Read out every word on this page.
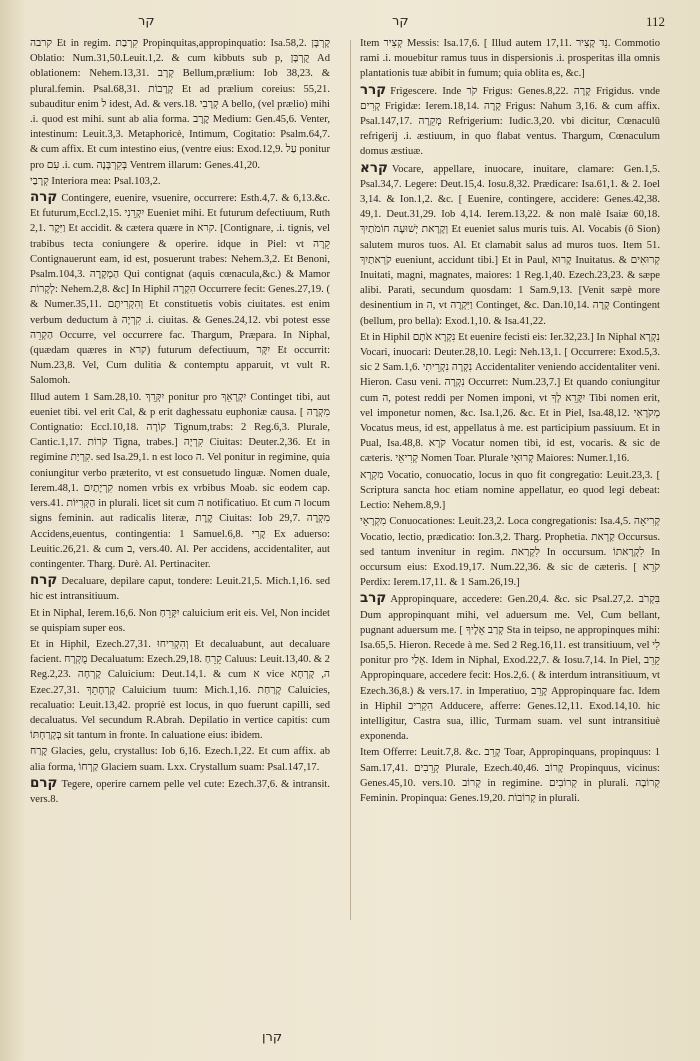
קר	קר	112

קרבה Et in regim. קִרְבַת Propinquitas,appropinquatio: Isa.58,2. קָרְבָּן Oblatio: Num.31,50.Leuit.1,2. & cum kibbuts sub p, קֻרְבָּן Ad oblationem: Nehem.13,31. קְרָב Bellum,prælium: Iob 38,23. & plural.femin. Psal.68,31. קְרָבוֹת Et ad prælium coreius: 55,21. subauditur enim ל idest, Ad. & vers.18. קְרָבִי A bello, (vel prælio) mihi .i. quod est mihi. sunt ab alia forma. קֶרֶב Medium: Gen.45,6. Venter, intestinum: Leuit.3,3. Metaphoricè, Intimum, Cogitatio: Psalm.64,7. & cum affix. Et cum intestino eius, (ventre eius: Exod.12,9. עַל ponitur pro עִם .i. cum. בְּקִרְבָּנָה Ventrem illarum: Genes.41,20.

קְרָבַי Interiora mea: Psal.103,2.

קרה Contingere, euenire, vsuenire, occurrere: Esth.4,7. & 6,13.&c. Et futurum,Eccl.2,15. יִקְרֵנִי Eueniet mihi. Et futurum defectiuum, Ruth 2,1. וַיִּקֶר Et accidit. & cætera quære in קרא. [Contignare, .i. tignis, vel trabibus tecta coniungere & operire. idque in Piel: vt קֵרָה Contignauerunt eam, id est, posuerunt trabes: Nehem.3,2. Et Benoni, Psalm.104,3. הַמְקָרֶה Qui contignat (aquis cœnacula,&c.) & Mamor לְקָרוֹת: Nehem.2,8. &c] In Hiphil הִקְרָה Occurrere fecit: Genes.27,19. ( & Numer.35,11. וְהִקְרִיתֶם Et constituetis vobis ciuitates. est enim verbum deductum à קִרְיָה .i. ciuitas. & Genes.24,12. vbi potest esse הַקְרֵה Occurre, vel occurrere fac. Thargum, Præpara. In Niphal, (quædam quæres in קרא) futurum defectiuum, יִקָּר Et occurrit: Num.23,8. Vel, Cum dulitia & contemptu apparuit, vt vult R. Salomoh.

Illud autem 1 Sam.28,10. יִקְּרֵךְ ponitur pro יִקְרָאֵךְ Continget tibi, aut eueniet tibi. vel erit Cal, & p erit daghessatu euphoniæ causa. [ מִקְרֶה Contignatio: Eccl.10,18. קוֹרָה Tignum,trabs: 2 Reg.6,3. Plurale, Cantic.1,17. קֹרוֹת Tigna, trabes.] קִרְיָה Ciuitas: Deuter.2,36. Et in regimine קִרְיַת. sed Isa.29,1. n est loco ה. Vel ponitur in regimine, quia coniungitur verbo præterito, vt est consuetudo linguæ. Nomen duale, Ierem.48,1. קִרְיָתַיִם nomen vrbis ex vrbibus Moab. sic eodem cap. vers.41. הַקְּרִיּוֹת in plurali. licet sit cum ה notificatiuo. Et cum ה locum signs feminin. aut radicalis literæ, קֶרֶת Ciuitas: Iob 29,7. מִקְרֶה Accidens,euentus, contingentia: 1 Samuel.6,8. קֶרִי Ex aduerso: Leuitic.26,21. & cum ב, vers.40. Al. Per accidens, accidentaliter, aut contingenter. Tharg. Durè. Al. Pertinaciter.

קרח Decaluare, depilare caput, tondere: Leuit.21,5. Mich.1,16. sed hic est intransitiuum.

Et in Niphal, Ierem.16,6. Non יִקָּרֵחַ caluicium erit eis. Vel, Non incidet se quispiam super eos.

Et in Hiphil, Ezech.27,31. וְהִקְרִיחוּ Et decaluabunt, aut decaluare facient. מֻקְרָח Decaluatum: Ezech.29,18. קֵרֵחַ Caluus: Leuit.13,40. & 2 Reg.2,23. קָרְחָה Caluicium: Deut.14,1. & cum א vice ה, קָרְחָא Ezec.27,31. קָרְחָתֵךְ Caluicium tuum: Mich.1,16. קָרַחַת Caluicies, recaluatio: Leuit.13,42. propriè est locus, in quo fuerunt capilli, sed decaluatus. Vel secundum R.Abrah. Depilatio in vertice capitis: cum בְּקָרַחְתּוֹ sit tantum in fronte. In caluatione eius: ibidem.

קֶרַח Glacies, gelu, crystallus: Iob 6,16. Ezech.1,22. Et cum affix. ab alia forma, קַרְחוֹ Glaciem suam. Lxx. Crystallum suam: Psal.147,17.

קרם Tegere, operire carnem pelle vel cute: Ezech.37,6. & intransit. vers.8.

Item קְצִיר Messis: Isa.17,6. [ Illud autem 17,11. נֵד קָצִיר. Commotio rami .i. mouebitur ramus tuus in dispersionis .i. prosperitas illa omnis plantationis tuæ abibit in fumum; quia oblita es, &c.]

קרר Frigescere. Inde קֹר Frigus: Genes.8,22. קָרָה Frigidus. vnde קָרִים Frigidæ: Ierem.18,14. קָרָה Frigus: Nahum 3,16. & cum affix. Psal.147,17. מְקֵרָה Refrigerium: Iudic.3,20. vbi dicitur, Cœnaculū refrigerij .i. æstiuum, in quo flabat ventus. Thargum, Cœnaculum domus æstiuæ.

קרא Vocare, appellare, inuocare, inuitare, clamare: Gen.1,5. Psal.34,7. Legere: Deut.15,4. Iosu.8,32. Prædicare: Isa.61,1. & 2. Ioel 3,14. & Ion.1,2. &c. [ Euenire, contingere, accidere: Genes.42,38. 49,1. Deut.31,29. Iob 4,14. Ierem.13,22. & non malè Isaiæ 60,18. וְקָרָאת יְשׁוּעָה חוֹמֹתַיִךְ Et eueniet salus muris tuis. Al. Vocabis (ô Sion) salutem muros tuos. Al. Et clamabit salus ad muros tuos. Item 51. קֹרְאתַיִךְ eueniunt, accidunt tibi.] Et in Paul, קָרוּא Inuitatus. & קְרוּאִים Inuitati, magni, magnates, maiores: 1 Reg.1,40. Ezech.23,23. & sæpe alibi. Parati, secundum quosdam: 1 Sam.9,13. [Venit sæpè more desinentium in ה, vt וַיִּקְרֶה Continget, &c. Dan.10,14. קָרָה Contingent (bellum, pro bella): Exod.1,10. & Isa.41,22.

Et in Hiphil נִקְרָא אֹתָם Et euenire fecisti eis: Ier.32,23.] In Niphal נִקְרָא Vocari, inuocari: Deuter.28,10. Legi: Neh.13,1. [ Occurrere: Exod.5,3. sic 2 Sam.1,6. נִקְרָה נִקְרֵיתִי Accidentaliter veniendo accidentaliter veni. Hieron. Casu veni. נִקְרָה Occurret: Num.23,7.] Et quando coniungitur cum ה, potest reddi per Nomen imponi, vt יִקָּרֵא לְךָ Tibi nomen erit, vel imponetur nomen, &c. Isa.1,26. &c. Et in Piel, Isa.48,12. מְקֹרָאִי Vocatus meus, id est, appellatus à me. est participium passiuum. Et in Pual, Isa.48,8. קֹרָא Vocatur nomen tibi, id est, vocaris. & sic de cæteris. קְרִיאֵי Nomen Toar. Plurale קְרוּאֵי Maiores: Numer.1,16.

מִקְרָא Vocatio, conuocatio, locus in quo fit congregatio: Leuit.23,3. [ Scriptura sancta hoc etiam nomine appellatur, eo quod legi debeat: Lectio: Nehem.8,9.]

מִקְרָאֵי Conuocationes: Leuit.23,2. Loca congregationis: Isa.4,5. קְרִיאָה Vocatio, lectio, prædicatio: Ion.3,2. Tharg. Prophetia. קַרְאת Occursus. sed tantum invenitur in regim. לִקְרַאת In occursum. לִקְרָאתוֹ In occursum eius: Exod.19,17. Num.22,36. & sic de cæteris. [ קֹרֵא Perdix: Ierem.17,11. & 1 Sam.26,19.]

קרב Appropinquare, accedere: Gen.20,4. &c. sic Psal.27,2. בִּקְרֹב Dum appropinquant mihi, vel aduersum me. Vel, Cum bellant, pugnant aduersum me. [ קְרַב אֵלֶיךָ Sta in teipso, ne appropinques mihi: Isa.65,5. Hieron. Recede à me. Sed 2 Reg.16,11. est transitiuum, vel לִי ponitur pro אֵלַי. Idem in Niphal, Exod.22,7. & Iosu.7,14. In Piel, קֵרֵב Appropinquare, accedere fecit: Hos.2,6. ( & interdum intransitiuum, vt Ezech.36,8.) & vers.17. in Imperatiuo, קָרֵב Appropinquare fac. Idem in Hiphil הִקְרִיב Adducere, afferre: Genes.12,11. Exod.14,10. hic intelligitur, Castra sua, illic, Turmam suam. vel sunt intransitiuè exponenda.

Item Offerre: Leuit.7,8. &c. קָרֵב Toar, Appropinquans, propinquus: 1 Sam.17,41. קְרֵבִים Plurale, Ezech.40,46. קָרוֹב Propinquus, vicinus: Genes.45,10. vers.10. קְרוֹב in regimine. קְרוֹבִים in plurali. קְרוֹבָה Feminin. Propinqua: Genes.19,20. קְרוֹבוֹת in plurali.

קרן
